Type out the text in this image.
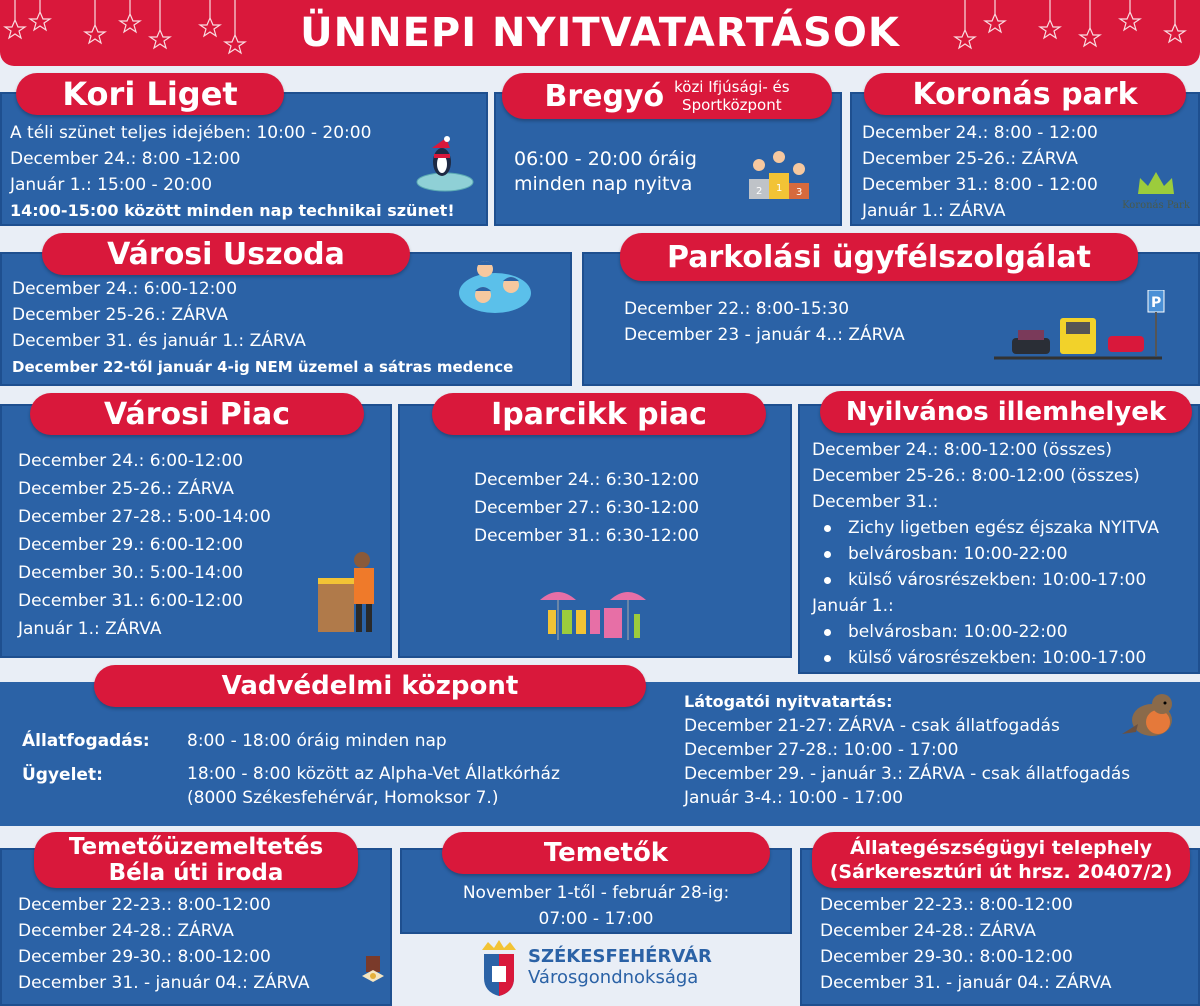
ÜNNEPI NYITVATARTÁSOK
Kori Liget
A téli szünet teljes idejében: 10:00 - 20:00
December 24.: 8:00 -12:00
Január 1.: 15:00 - 20:00
14:00-15:00 között minden nap technikai szünet!
Bregyó közi Ifjúsági- és
Sportközpont
06:00 - 20:00 óráig
minden nap nyitva	2 1 3
Koronás park
December 24.: 8:00 - 12:00
December 25-26.: ZÁRVA
December 31.: 8:00 - 12:00
Január 1.: ZÁRVA	Koronás Park
Városi Uszoda
December 24.: 6:00-12:00
December 25-26.: ZÁRVA
December 31. és január 1.: ZÁRVA
December 22-től január 4-ig NEM üzemel a sátras medence
Parkolási ügyfélszolgálat
December 22.: 8:00-15:30
December 23 - január 4..: ZÁRVA
P
Városi Piac
December 24.: 6:00-12:00
December 25-26.: ZÁRVA
December 27-28.: 5:00-14:00
December 29.: 6:00-12:00
December 30.: 5:00-14:00
December 31.: 6:00-12:00
Január 1.: ZÁRVA
Iparcikk piac
December 24.: 6:30-12:00
December 27.: 6:30-12:00
December 31.: 6:30-12:00
Nyilvános illemhelyek
December 24.: 8:00-12:00 (összes)
December 25-26.: 8:00-12:00 (összes)
December 31.:
Zichy ligetben egész éjszaka NYITVA
belvárosban: 10:00-22:00
külső városrészekben: 10:00-17:00
Január 1.:
belvárosban: 10:00-22:00
külső városrészekben: 10:00-17:00
Vadvédelmi központ
Állatfogadás:	8:00 - 18:00 óráig minden nap
Ügyelet:	18:00 - 8:00 között az Alpha-Vet Állatkórház
(8000 Székesfehérvár, Homoksor 7.)
Látogatói nyitvatartás:
December 21-27: ZÁRVA - csak állatfogadás
December 27-28.: 10:00 - 17:00
December 29. - január 3.: ZÁRVA - csak állatfogadás
Január 3-4.: 10:00 - 17:00
Temetőüzemeltetés
Béla úti iroda
December 22-23.: 8:00-12:00
December 24-28.: ZÁRVA
December 29-30.: 8:00-12:00
December 31. - január 04.: ZÁRVA
Temetők
November 1-től - február 28-ig:
07:00 - 17:00
SZÉKESFEHÉRVÁR
Városgondnoksága
Állategészségügyi telephely
(Sárkeresztúri út hrsz. 20407/2)
December 22-23.: 8:00-12:00
December 24-28.: ZÁRVA
December 29-30.: 8:00-12:00
December 31. - január 04.: ZÁRVA
